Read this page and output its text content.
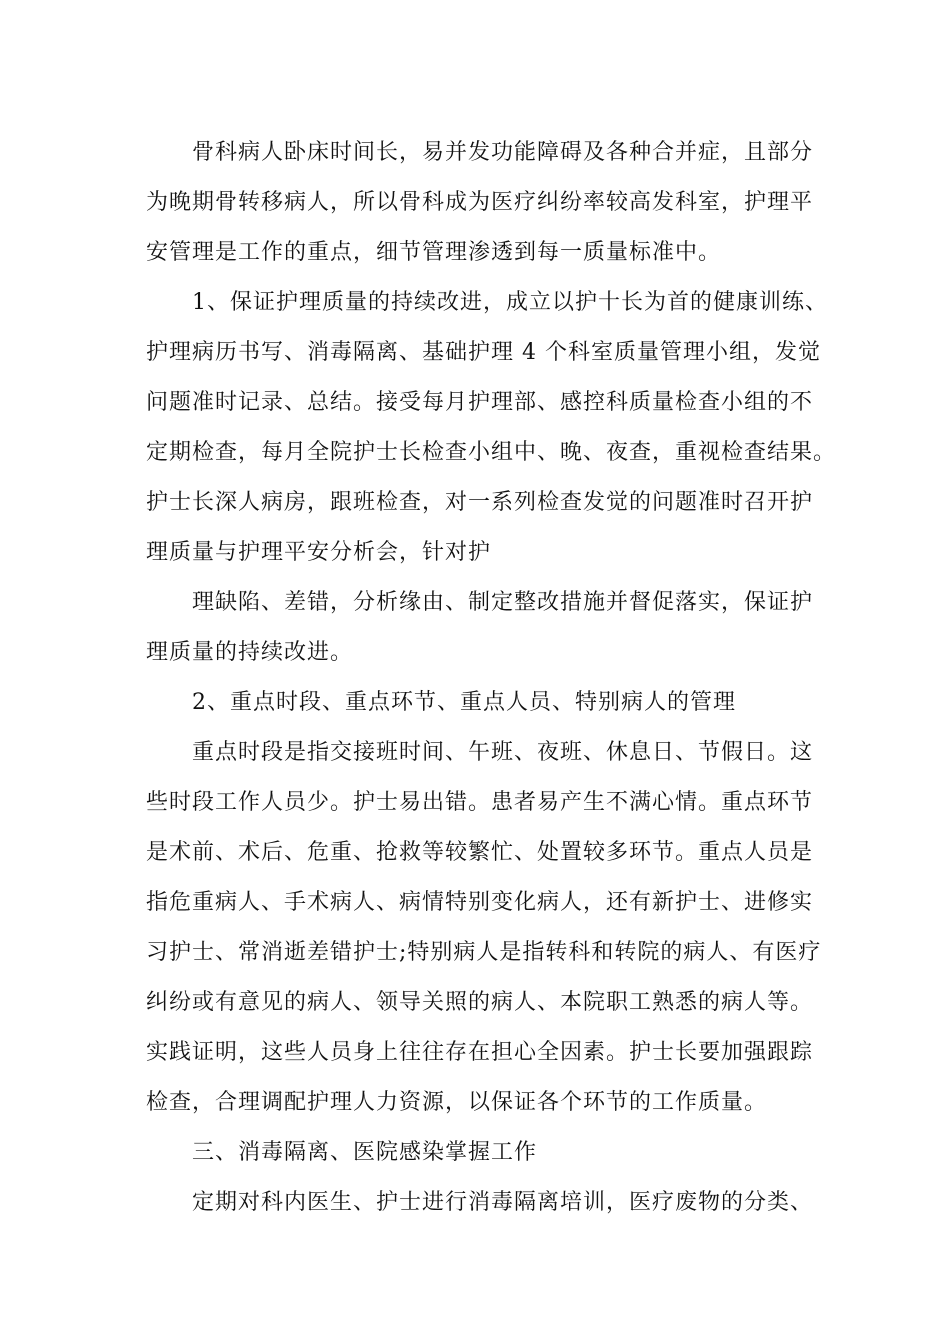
骨科病人卧床时间长，易并发功能障碍及各种合并症，且部分
为晚期骨转移病人，所以骨科成为医疗纠纷率较高发科室，护理平
安管理是工作的重点，细节管理渗透到每一质量标准中。
1、保证护理质量的持续改进，成立以护十长为首的健康训练、
护理病历书写、消毒隔离、基础护理 4 个科室质量管理小组，发觉
问题准时记录、总结。接受每月护理部、感控科质量检查小组的不
定期检查，每月全院护士长检查小组中、晚、夜查，重视检查结果。
护士长深人病房，跟班检查，对一系列检查发觉的问题准时召开护
理质量与护理平安分析会，针对护
理缺陷、差错，分析缘由、制定整改措施并督促落实，保证护
理质量的持续改进。
2、重点时段、重点环节、重点人员、特别病人的管理
重点时段是指交接班时间、午班、夜班、休息日、节假日。这
些时段工作人员少。护士易出错。患者易产生不满心情。重点环节
是术前、术后、危重、抢救等较繁忙、处置较多环节。重点人员是
指危重病人、手术病人、病情特别变化病人，还有新护士、进修实
习护士、常消逝差错护士;特别病人是指转科和转院的病人、有医疗
纠纷或有意见的病人、领导关照的病人、本院职工熟悉的病人等。
实践证明，这些人员身上往往存在担心全因素。护士长要加强跟踪
检查，合理调配护理人力资源，以保证各个环节的工作质量。
三、消毒隔离、医院感染掌握工作
定期对科内医生、护士进行消毒隔离培训，医疗废物的分类、
